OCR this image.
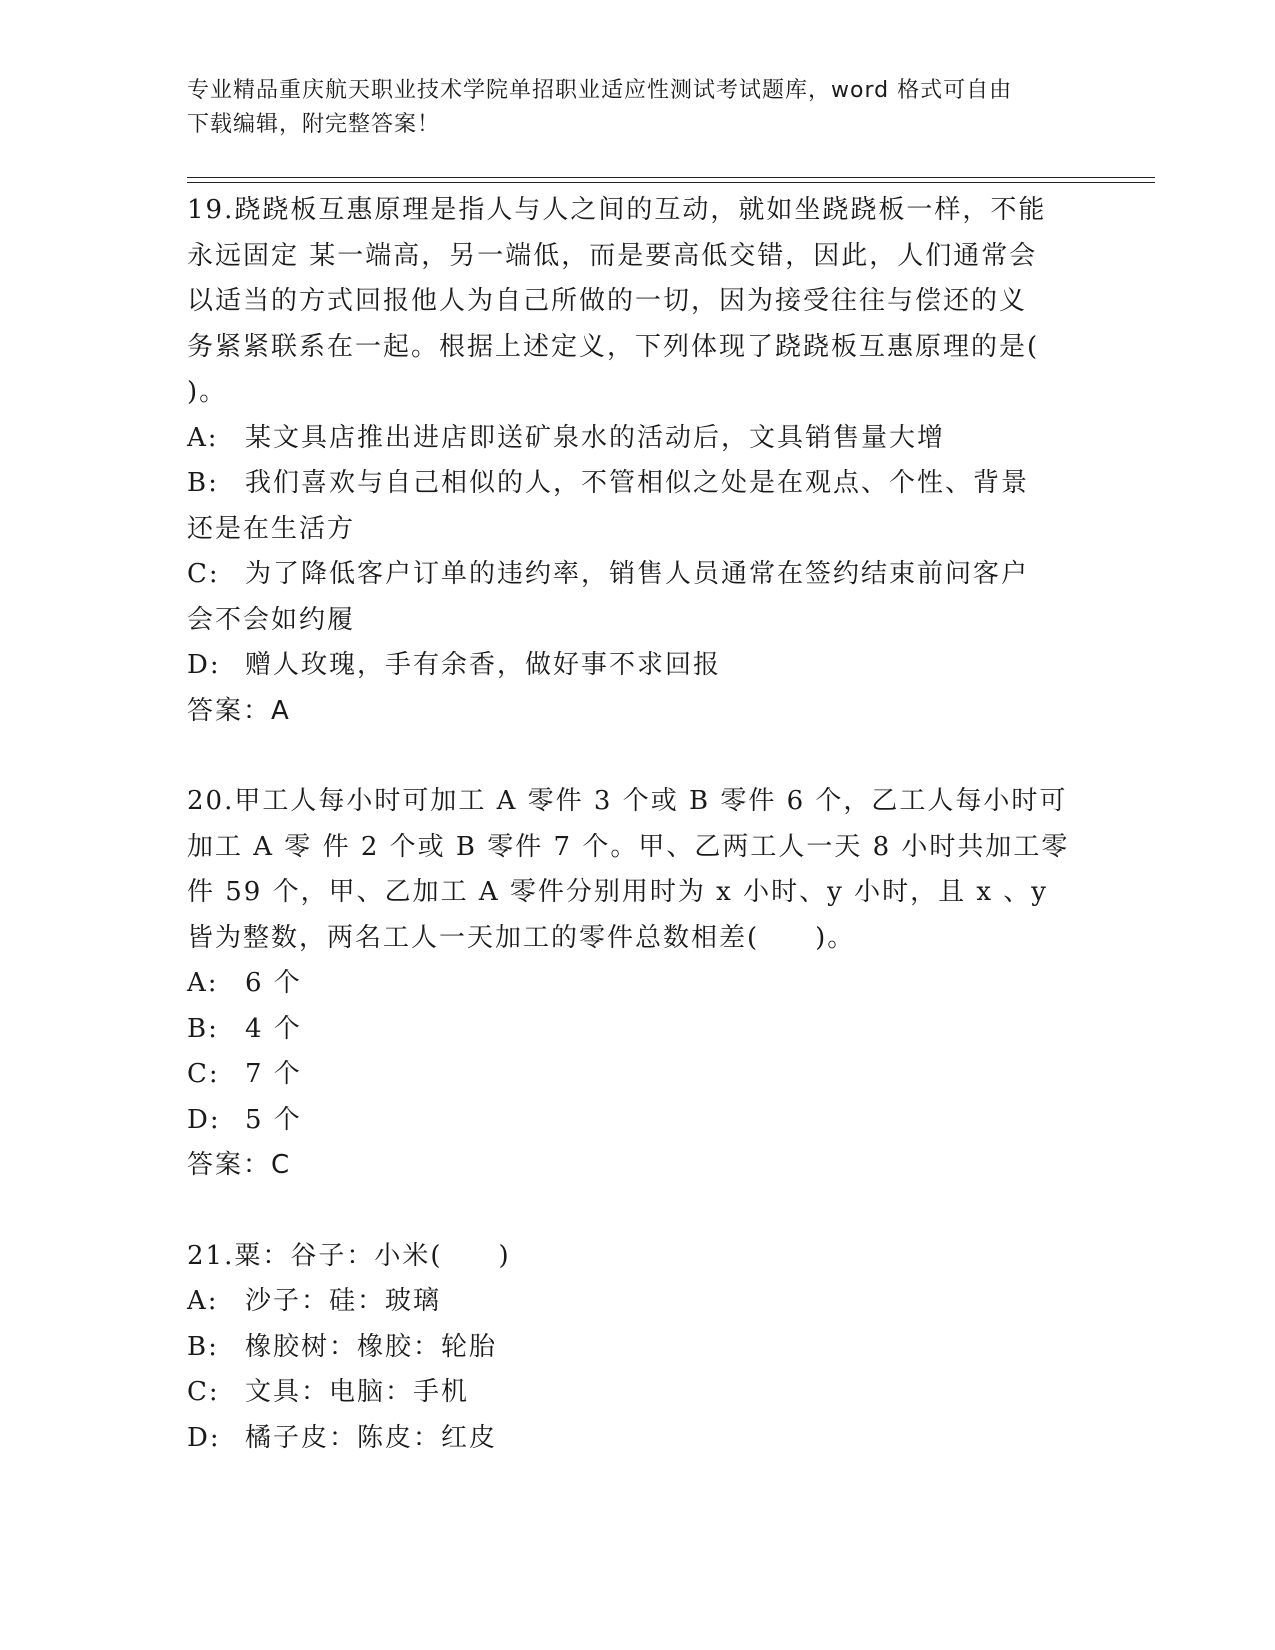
专业精品重庆航天职业技术学院单招职业适应性测试考试题库，word 格式可自由
下载编辑，附完整答案！
19.跷跷板互惠原理是指人与人之间的互动，就如坐跷跷板一样，不能
永远固定 某一端高，另一端低，而是要高低交错，因此，人们通常会
以适当的方式回报他人为自己所做的一切，因为接受往往与偿还的义
务紧紧联系在一起。根据上述定义，下列体现了跷跷板互惠原理的是(
)。
A:	某文具店推出进店即送矿泉水的活动后，文具销售量大增
B:	我们喜欢与自己相似的人，不管相似之处是在观点、个性、背景
还是在生活方
C: 为了降低客户订单的违约率，销售人员通常在签约结束前问客户
会不会如约履
D: 赠人玫瑰，手有余香，做好事不求回报
答案：A
20.甲工人每小时可加工 A 零件 3 个或 B 零件 6 个，乙工人每小时可
加工 A 零 件 2 个或 B 零件 7 个。甲、乙两工人一天 8 小时共加工零
件 59 个，甲、乙加工 A 零件分别用时为 x 小时、y 小时，且 x 、y
皆为整数，两名工人一天加工的零件总数相差(　　)。
A:	6 个
B:	4 个
C: 7 个
D: 5 个
答案：C
21.粟：谷子：小米(　　)
A:	沙子：硅：玻璃
B:	橡胶树：橡胶：轮胎
C: 文具：电脑：手机
D: 橘子皮：陈皮：红皮
